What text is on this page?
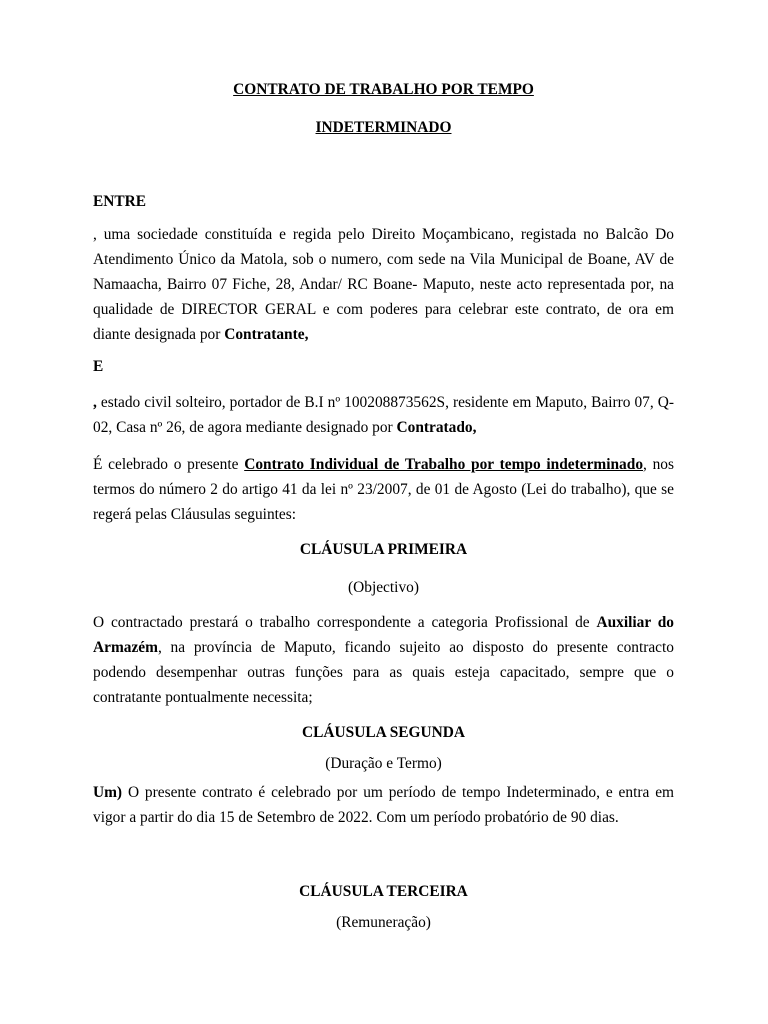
CONTRATO DE TRABALHO POR TEMPO

INDETERMINADO

ENTRE

, uma sociedade constituída e regida pelo Direito Moçambicano, registada no Balcão Do Atendimento Único da Matola, sob o numero, com sede na Vila Municipal de Boane, AV de Namaacha, Bairro 07 Fiche, 28, Andar/ RC Boane- Maputo, neste acto representada por, na qualidade de DIRECTOR GERAL e com poderes para celebrar este contrato, de ora em diante designada por Contratante,

E

, estado civil solteiro, portador de B.I nº 100208873562S, residente em Maputo, Bairro 07, Q-02, Casa nº 26, de agora mediante designado por Contratado,

É celebrado o presente Contrato Individual de Trabalho por tempo indeterminado, nos termos do número 2 do artigo 41 da lei nº 23/2007, de 01 de Agosto (Lei do trabalho), que se regerá pelas Cláusulas seguintes:

CLÁUSULA PRIMEIRA

(Objectivo)

O contractado prestará o trabalho correspondente a categoria Profissional de Auxiliar do Armazém, na província de Maputo, ficando sujeito ao disposto do presente contracto podendo desempenhar outras funções para as quais esteja capacitado, sempre que o contratante pontualmente necessita;

CLÁUSULA SEGUNDA

(Duração e Termo)

Um) O presente contrato é celebrado por um período de tempo Indeterminado, e entra em vigor a partir do dia 15 de Setembro de 2022. Com um período probatório de 90 dias.

CLÁUSULA TERCEIRA

(Remuneração)
